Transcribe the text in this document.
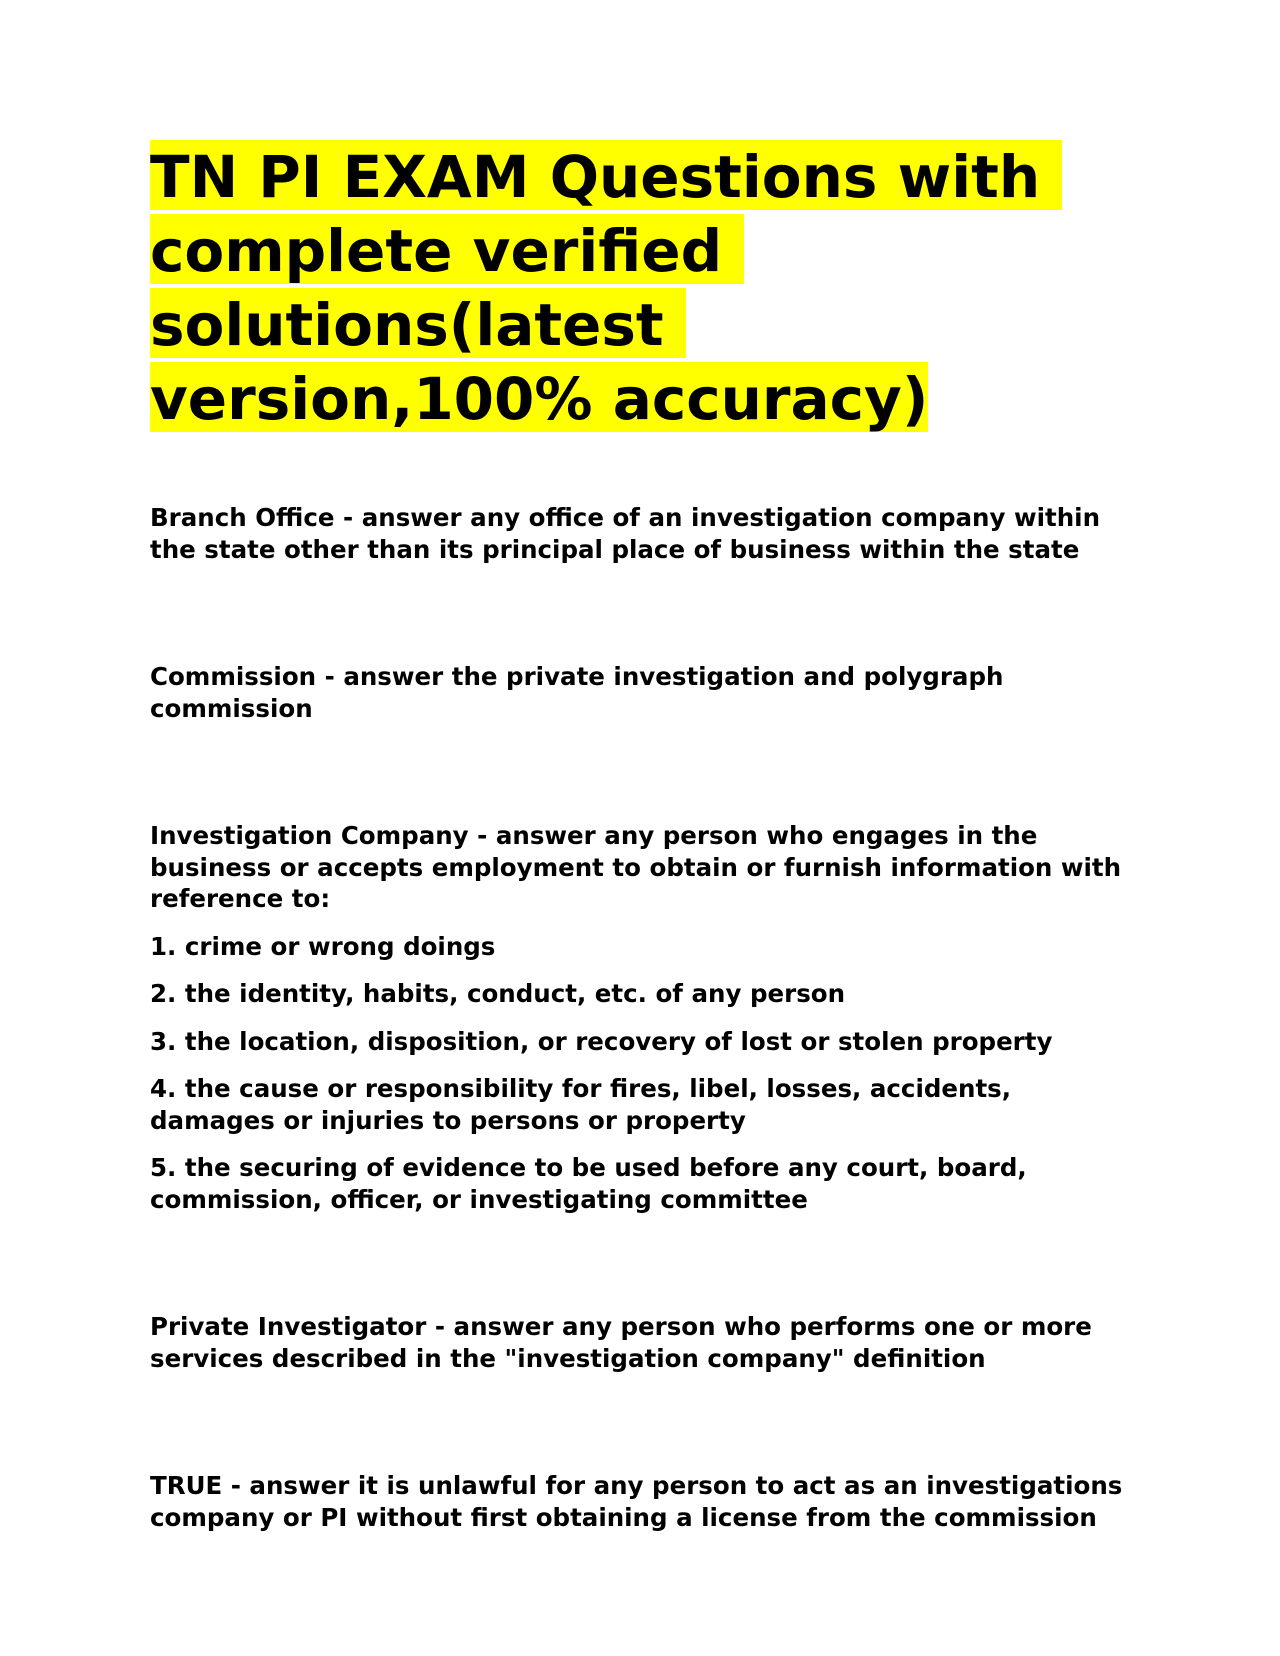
TN PI EXAM Questions with
complete verified
solutions(latest
version,100% accuracy)

Branch Office - answer any office of an investigation company within the state other than its principal place of business within the state

Commission - answer the private investigation and polygraph commission

Investigation Company - answer any person who engages in the business or accepts employment to obtain or furnish information with reference to:

1. crime or wrong doings

2. the identity, habits, conduct, etc. of any person

3. the location, disposition, or recovery of lost or stolen property

4. the cause or responsibility for fires, libel, losses, accidents, damages or injuries to persons or property

5. the securing of evidence to be used before any court, board, commission, officer, or investigating committee

Private Investigator - answer any person who performs one or more services described in the "investigation company" definition

TRUE - answer it is unlawful for any person to act as an investigations company or PI without first obtaining a license from the commission
